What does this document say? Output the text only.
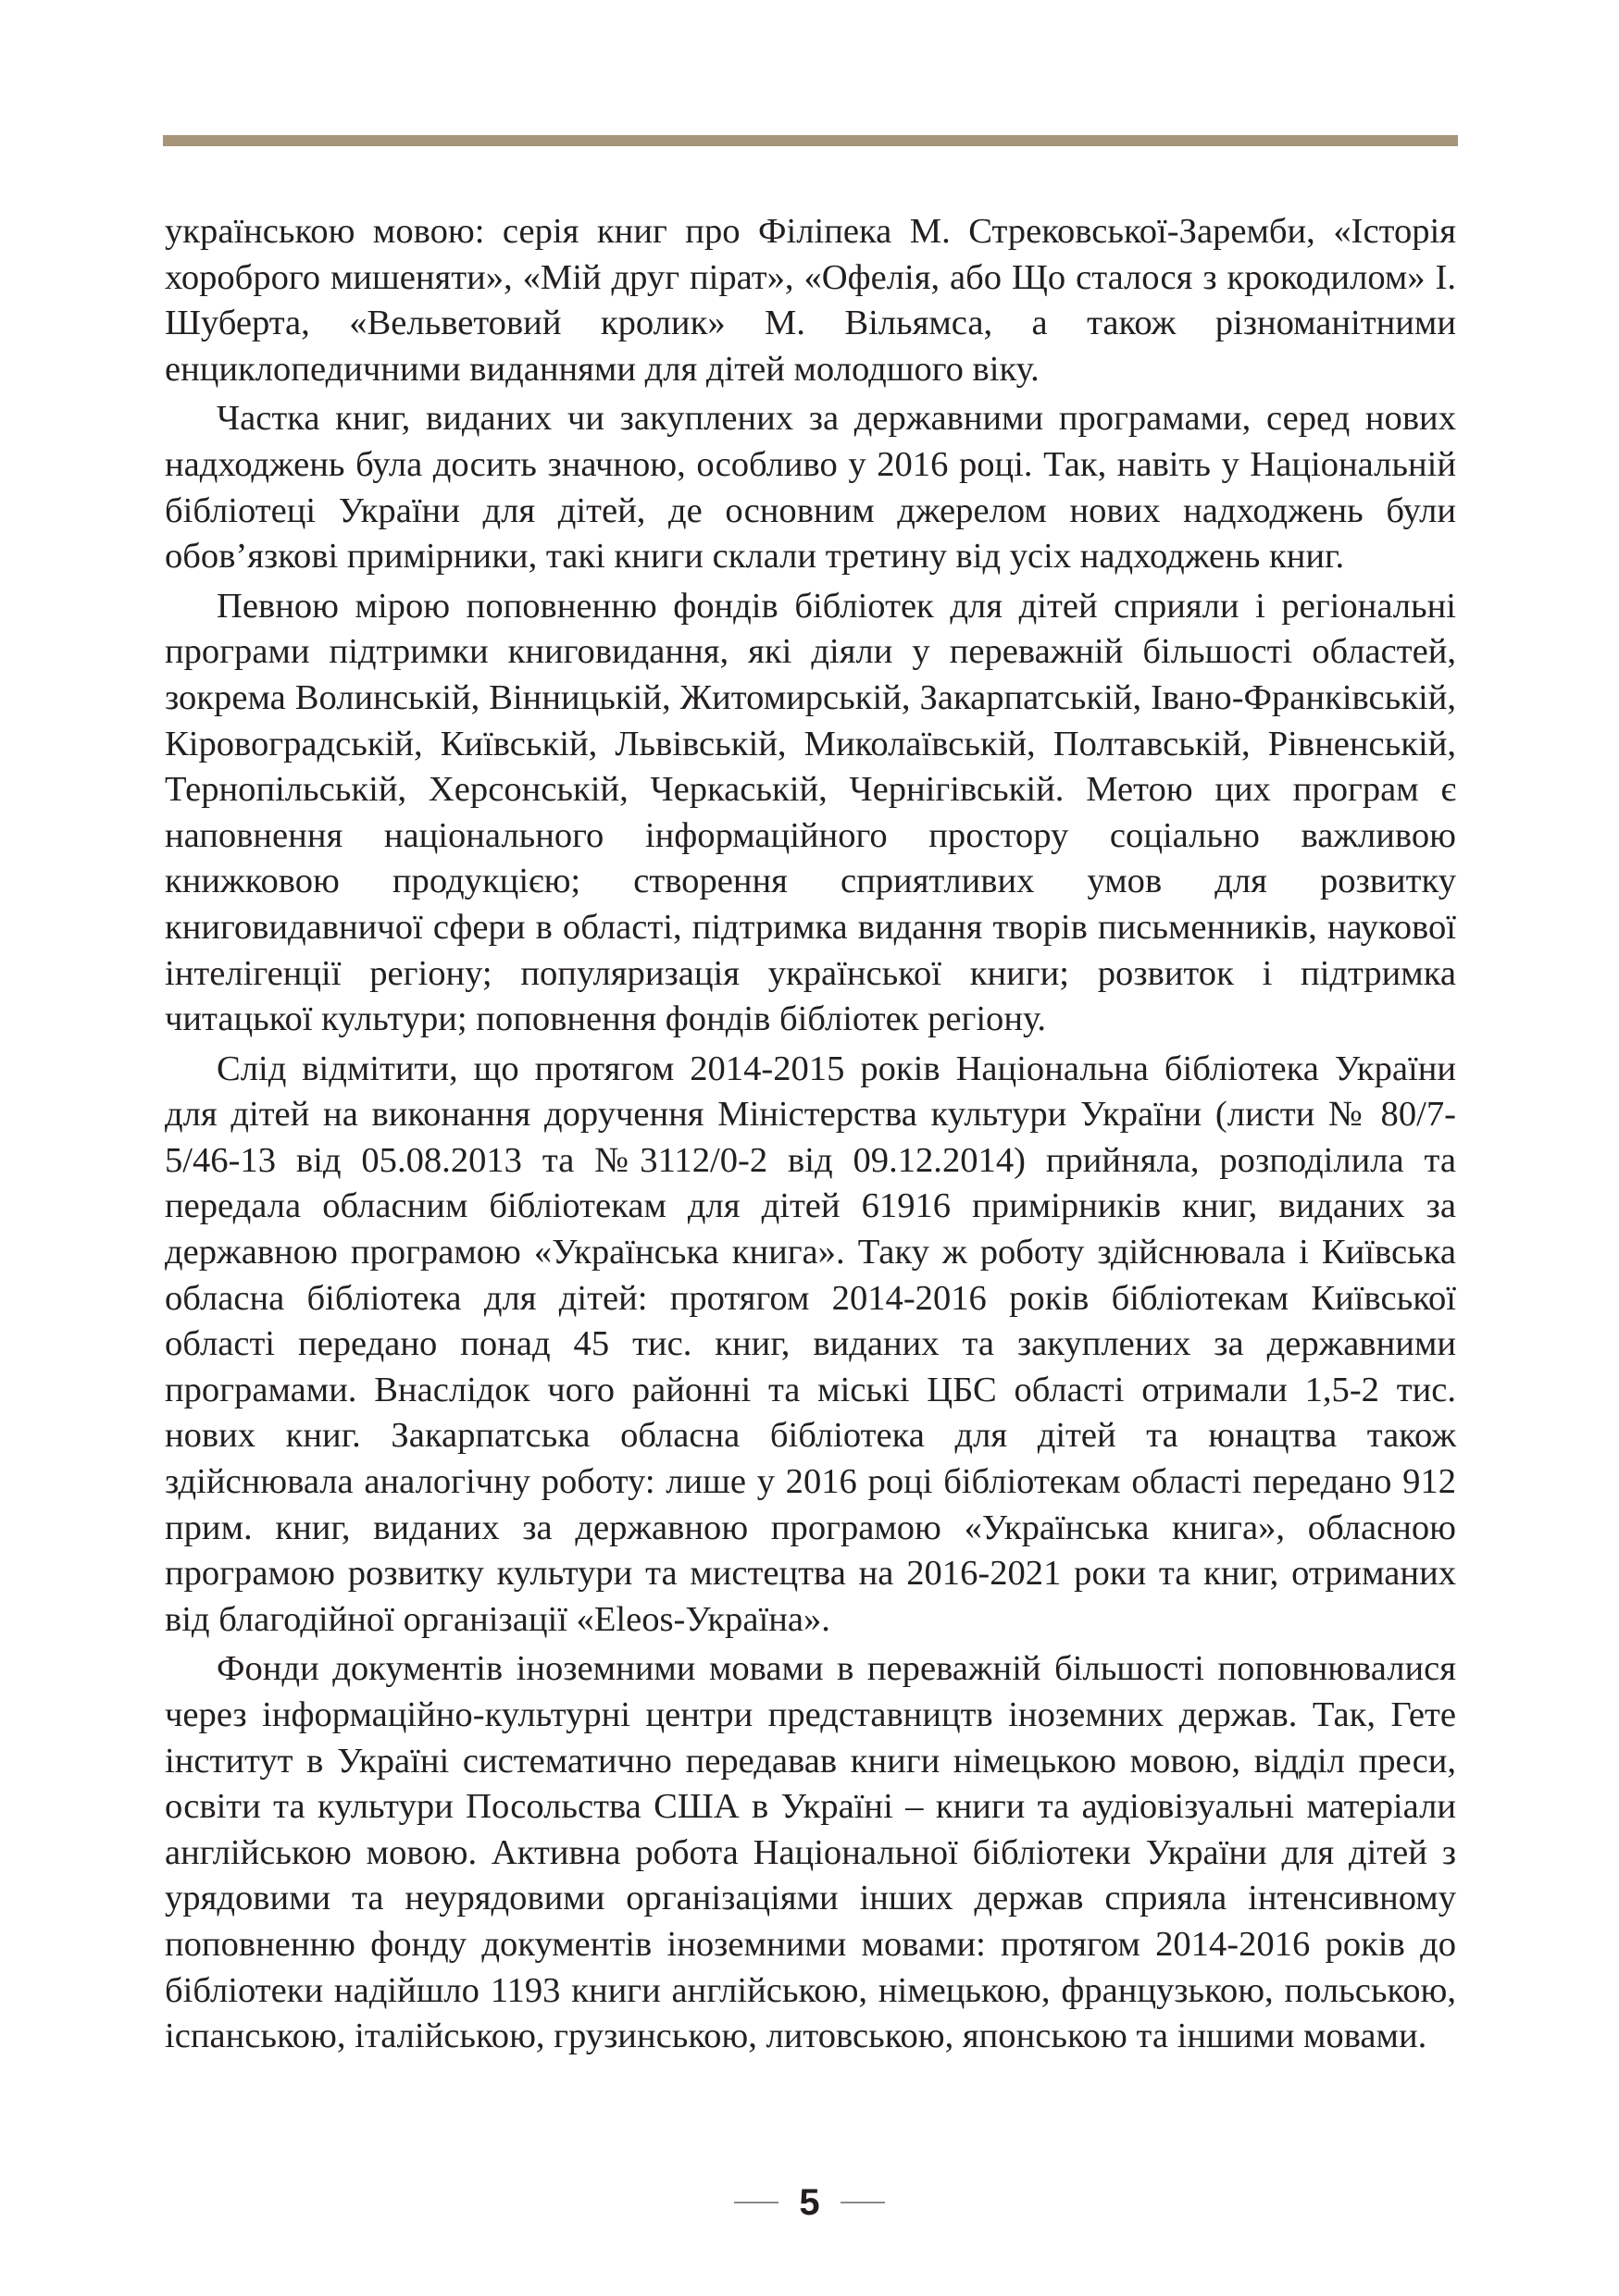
українською мовою: серія книг про Філіпека М. Стрековської-Заремби, «Історія хороброго мишеняти», «Мій друг пірат», «Офелія, або Що сталося з крокодилом» І. Шуберта, «Вельветовий кролик» М. Вільямса, а також різноманітними енциклопедичними виданнями для дітей молодшого віку.

Частка книг, виданих чи закуплених за державними програмами, серед нових надходжень була досить значною, особливо у 2016 році. Так, навіть у Національній бібліотеці України для дітей, де основним джерелом нових надходжень були обов’язкові примірники, такі книги склали третину від усіх надходжень книг.

Певною мірою поповненню фондів бібліотек для дітей сприяли і регіональні програми підтримки книговидання, які діяли у переважній більшості областей, зокрема Волинській, Вінницькій, Житомирській, Закарпатській, Івано-Франківській, Кіровоградській, Київській, Львівській, Миколаївській, Полтавській, Рівненській, Тернопільській, Херсонській, Черкаській, Чернігівській. Метою цих програм є наповнення національного інформаційного простору соціально важливою книжковою продукцією; створення сприятливих умов для розвитку книговидавничої сфери в області, підтримка видання творів письменників, наукової інтелігенції регіону; популяризація української книги; розвиток і підтримка читацької культури; поповнення фондів бібліотек регіону.

Слід відмітити, що протягом 2014-2015 років Національна бібліотека України для дітей на виконання доручення Міністерства культури України (листи № 80/7-5/46-13 від 05.08.2013 та №3112/0-2 від 09.12.2014) прийняла, розподілила та передала обласним бібліотекам для дітей 61916 примірників книг, виданих за державною програмою «Українська книга». Таку ж роботу здійснювала і Київська обласна бібліотека для дітей: протягом 2014-2016 років бібліотекам Київської області передано понад 45 тис. книг, виданих та закуплених за державними програмами. Внаслідок чого районні та міські ЦБС області отримали 1,5-2 тис. нових книг. Закарпатська обласна бібліотека для дітей та юнацтва також здійснювала аналогічну роботу: лише у 2016 році бібліотекам області передано 912 прим. книг, виданих за державною програмою «Українська книга», обласною програмою розвитку культури та мистецтва на 2016-2021 роки та книг, отриманих від благодійної організації «Eleos-Україна».

Фонди документів іноземними мовами в переважній більшості поповнювалися через інформаційно-культурні центри представництв іноземних держав. Так, Гете інститут в Україні систематично передавав книги німецькою мовою, відділ преси, освіти та культури Посольства США в Україні – книги та аудіовізуальні матеріали англійською мовою. Активна робота Національної бібліотеки України для дітей з урядовими та неурядовими організаціями інших держав сприяла інтенсивному поповненню фонду документів іноземними мовами: протягом 2014-2016 років до бібліотеки надійшло 1193 книги англійською, німецькою, французькою, польською, іспанською, італійською, грузинською, литовською, японською та іншими мовами.

5
